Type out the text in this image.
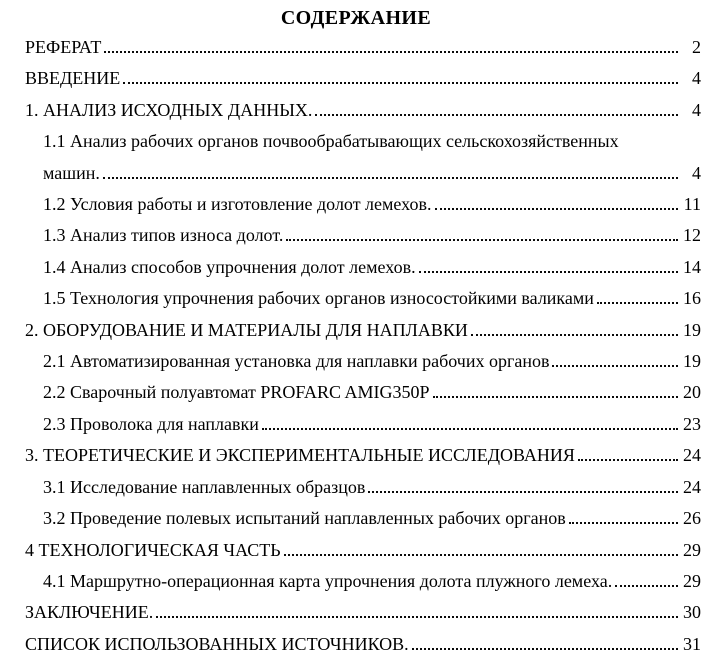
СОДЕРЖАНИЕ
РЕФЕРАТ	2
ВВЕДЕНИЕ	4
1. АНАЛИЗ ИСХОДНЫХ ДАННЫХ.	4
1.1 Анализ рабочих органов почвообрабатывающих сельскохозяйственных
машин.	4
1.2 Условия работы и изготовление долот лемехов.	11
1.3 Анализ типов износа долот.	12
1.4 Анализ способов упрочнения долот лемехов.	14
1.5 Технология упрочнения рабочих органов износостойкими валиками	16
2. ОБОРУДОВАНИЕ И МАТЕРИАЛЫ ДЛЯ НАПЛАВКИ	19
2.1 Автоматизированная установка для наплавки рабочих органов	19
2.2 Сварочный полуавтомат PROFARC AMIG350P	20
2.3 Проволока для наплавки	23
3. ТЕОРЕТИЧЕСКИЕ И ЭКСПЕРИМЕНТАЛЬНЫЕ ИССЛЕДОВАНИЯ	24
3.1 Исследование наплавленных образцов	24
3.2 Проведение полевых испытаний наплавленных рабочих органов	26
4 ТЕХНОЛОГИЧЕСКАЯ ЧАСТЬ	29
4.1 Маршрутно-операционная карта упрочнения долота плужного лемеха.	29
ЗАКЛЮЧЕНИЕ.	30
СПИСОК ИСПОЛЬЗОВАННЫХ ИСТОЧНИКОВ.	31
